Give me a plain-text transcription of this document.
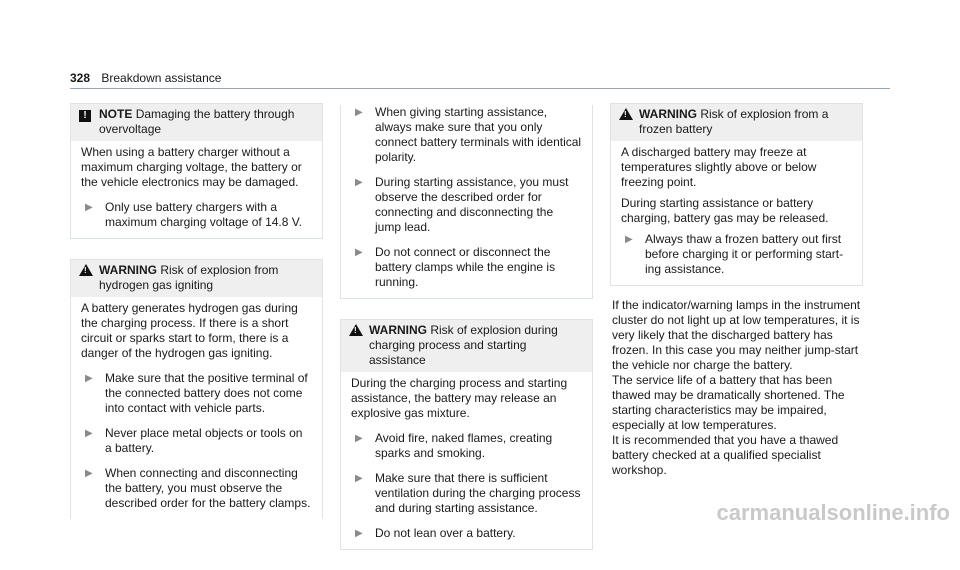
328 Breakdown assistance
!	NOTE Damaging the battery through overvoltage

When using a battery charger without a maximum charging voltage, the battery or the vehicle electronics may be damaged.

▶ Only use battery chargers with a maximum charging voltage of 14.8 V.
!
WARNING Risk of explosion from hydrogen gas igniting

A battery generates hydrogen gas during the charging process. If there is a short circuit or sparks start to form, there is a danger of the hydrogen gas igniting.

▶ Make sure that the positive terminal of the connected battery does not come into contact with vehicle parts.
▶ Never place metal objects or tools on a battery.
▶ When connecting and disconnecting the battery, you must observe the described order for the battery clamps.
▶ When giving starting assistance, always make sure that you only connect battery terminals with identical polarity.
▶ During starting assistance, you must observe the described order for connecting and disconnecting the jump lead.
▶ Do not connect or disconnect the battery clamps while the engine is running.
!
WARNING Risk of explosion during charging process and starting assistance

During the charging process and starting assistance, the battery may release an explosive gas mixture.

▶ Avoid fire, naked flames, creating sparks and smoking.
▶ Make sure that there is sufficient ventilation during the charging process and during starting assistance.
▶ Do not lean over a battery.
!
WARNING Risk of explosion from a frozen battery

A discharged battery may freeze at temperatures slightly above or below freezing point.

During starting assistance or battery charging, battery gas may be released.

▶ Always thaw a frozen battery out first before charging it or performing start-ing assistance.

If the indicator/warning lamps in the instrument cluster do not light up at low temperatures, it is very likely that the discharged battery has frozen. In this case you may neither jump-start the vehicle nor charge the battery.

The service life of a battery that has been thawed may be dramatically shortened. The starting characteristics may be impaired, especially at low temperatures.

It is recommended that you have a thawed battery checked at a qualified specialist workshop.

carmanualsonline.info
